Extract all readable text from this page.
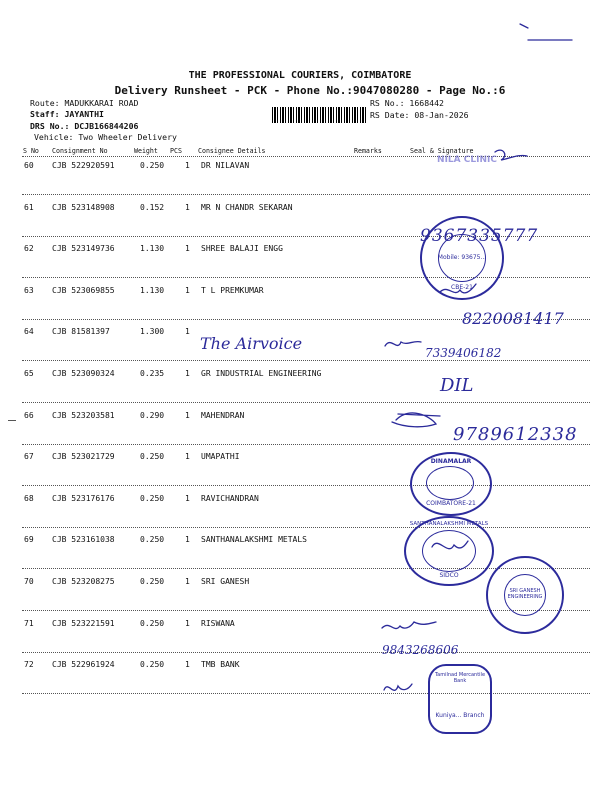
THE PROFESSIONAL COURIERS, COIMBATORE
Delivery Runsheet - PCK - Phone No.:9047080280 - Page No.:6
Route: MADUKKARAI ROAD
Staff: JAYANTHI
DRS No.: DCJB166844206
Vehicle: Two Wheeler Delivery
RS No.: 1668442
RS Date: 08-Jan-2026
S No Consignment No	Weight PCS Consignee Details	Remarks	Seal & Signature
60 CJB 522920591	0.250	1 DR NILAVAN
61 CJB 523148908	0.152	1 MR N CHANDR SEKARAN
62 CJB 523149736	1.130	1 SHREE BALAJI ENGG
63 CJB 523069855	1.130	1 T L PREMKUMAR
64 CJB 81581397	1.300	1
65 CJB 523090324	0.235	1 GR INDUSTRIAL ENGINEERING
66 CJB 523203581	0.290	1 MAHENDRAN
67 CJB 523021729	0.250	1 UMAPATHI
68 CJB 523176176	0.250	1 RAVICHANDRAN
69 CJB 523161038	0.250	1 SANTHANALAKSHMI METALS
70 CJB 523208275	0.250	1 SRI GANESH
71 CJB 523221591	0.250	1 RISWANA
72 CJB 522961924	0.250	1 TMB BANK
The Airvoice
9367335777
8220081417
7339406182
DIL
9789612338
9843268606
NILA CLINIC
Mobile: 93675...
CBE-21
DINAMALAR
COIMBATORE-21
SANTHANALAKSHMI METALS
SIDCO
SRI GANESH ENGINEERING
Tamilnad Mercantile Bank
Kuniya... Branch
